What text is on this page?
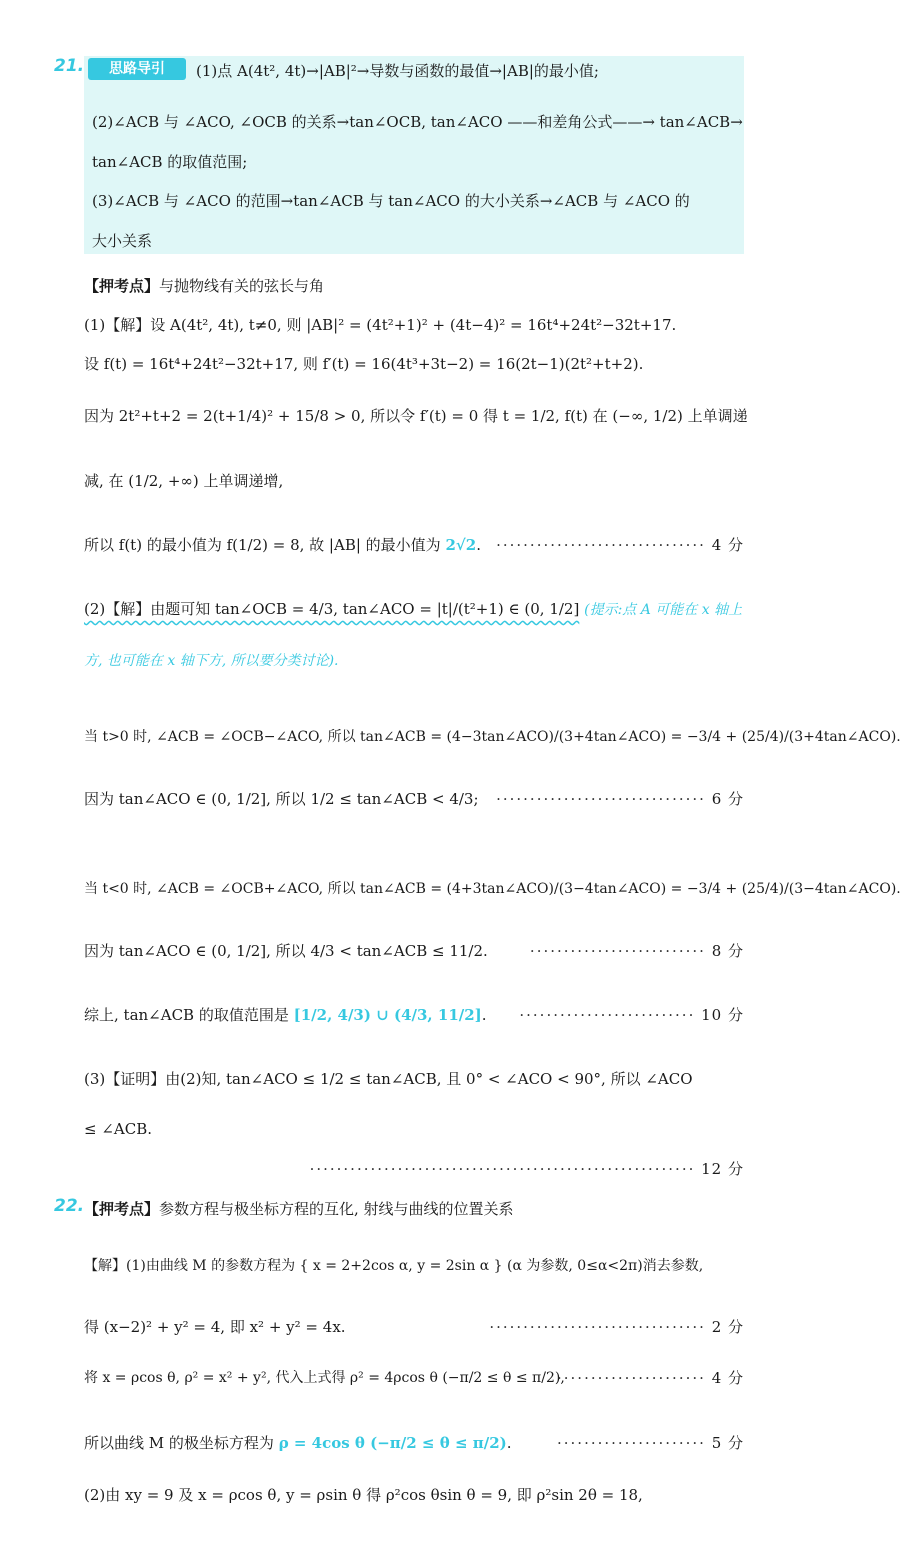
21.	思路导引	(1)点 A(4t², 4t)→|AB|²→导数与函数的最值→|AB|的最小值;
(2)∠ACB 与 ∠ACO, ∠OCB 的关系→tan∠OCB, tan∠ACO ——和差角公式——→ tan∠ACB→
tan∠ACB 的取值范围;
(3)∠ACB 与 ∠ACO 的范围→tan∠ACB 与 tan∠ACO 的大小关系→∠ACB 与 ∠ACO 的
大小关系
【押考点】与抛物线有关的弦长与角
(1)【解】设 A(4t², 4t), t≠0, 则 |AB|² = (4t²+1)² + (4t−4)² = 16t⁴+24t²−32t+17.
设 f(t) = 16t⁴+24t²−32t+17, 则 f′(t) = 16(4t³+3t−2) = 16(2t−1)(2t²+t+2).
因为 2t²+t+2 = 2(t+1/4)² + 15/8 > 0, 所以令 f′(t) = 0 得 t = 1/2, f(t) 在 (−∞, 1/2) 上单调递
减, 在 (1/2, +∞) 上单调递增,
所以 f(t) 的最小值为 f(1/2) = 8, 故 |AB| 的最小值为 2√2. ······························· 4 分
(2)【解】由题可知 tan∠OCB = 4/3, tan∠ACO = |t|/(t²+1) ∈ (0, 1/2] (提示:点 A 可能在 x 轴上
方, 也可能在 x 轴下方, 所以要分类讨论).
当 t>0 时, ∠ACB = ∠OCB−∠ACO, 所以 tan∠ACB = (4−3tan∠ACO)/(3+4tan∠ACO) = −3/4 + (25/4)/(3+4tan∠ACO).
因为 tan∠ACO ∈ (0, 1/2], 所以 1/2 ≤ tan∠ACB < 4/3; ······························· 6 分
当 t<0 时, ∠ACB = ∠OCB+∠ACO, 所以 tan∠ACB = (4+3tan∠ACO)/(3−4tan∠ACO) = −3/4 + (25/4)/(3−4tan∠ACO).
因为 tan∠ACO ∈ (0, 1/2], 所以 4/3 < tan∠ACB ≤ 11/2.	·························· 8 分
综上, tan∠ACB 的取值范围是 [1/2, 4/3) ∪ (4/3, 11/2]. ·························· 10 分
(3)【证明】由(2)知, tan∠ACO ≤ 1/2 ≤ tan∠ACB, 且 0° < ∠ACO < 90°, 所以 ∠ACO
≤ ∠ACB.
························································· 12 分
22. 【押考点】参数方程与极坐标方程的互化, 射线与曲线的位置关系
【解】(1)由曲线 M 的参数方程为 { x = 2+2cos α, y = 2sin α } (α 为参数, 0≤α<2π)消去参数,
得 (x−2)² + y² = 4, 即 x² + y² = 4x.	································ 2 分
将 x = ρcos θ, ρ² = x² + y², 代入上式得 ρ² = 4ρcos θ (−π/2 ≤ θ ≤ π/2),
······················ 4 分
所以曲线 M 的极坐标方程为 ρ = 4cos θ (−π/2 ≤ θ ≤ π/2).	······················ 5 分
(2)由 xy = 9 及 x = ρcos θ, y = ρsin θ 得 ρ²cos θsin θ = 9, 即 ρ²sin 2θ = 18,
